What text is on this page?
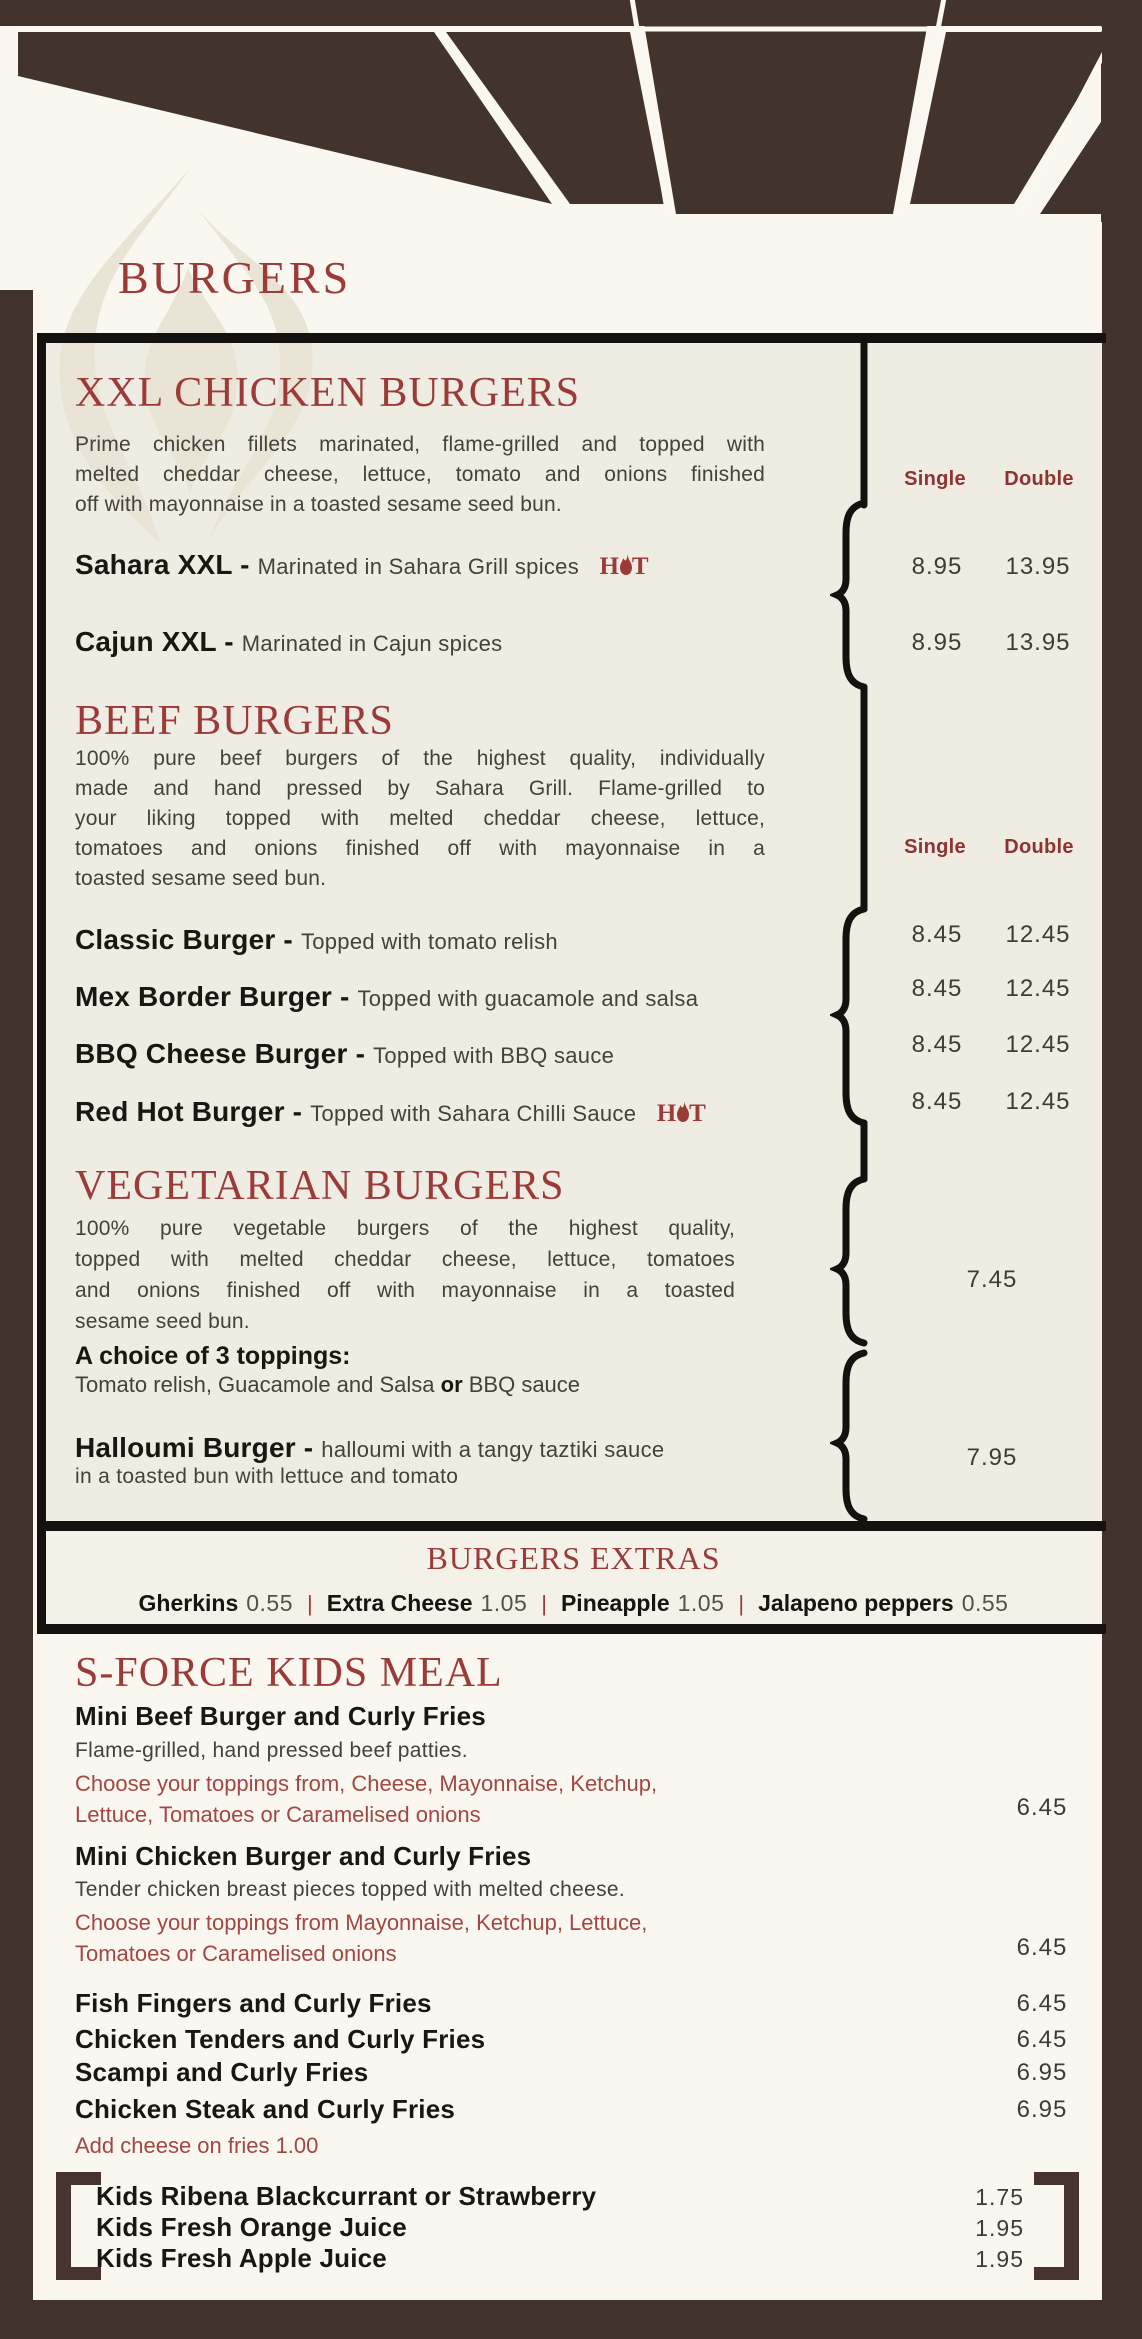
BURGERS
XXL CHICKEN BURGERS
Prime chicken fillets marinated, flame-grilled and topped with
melted cheddar cheese, lettuce, tomato and onions finished
off with mayonnaise in a toasted sesame seed bun.
Single	Double
Sahara XXL - Marinated in Sahara Grill spices H T	8.95	13.95
Cajun XXL - Marinated in Cajun spices	8.95	13.95
BEEF BURGERS
100% pure beef burgers of the highest quality, individually
made and hand pressed by Sahara Grill. Flame-grilled to
your liking topped with melted cheddar cheese, lettuce,
tomatoes and onions finished off with mayonnaise in a
toasted sesame seed bun.
Single	Double
Classic Burger - Topped with tomato relish	8.45	12.45
Mex Border Burger - Topped with guacamole and salsa	8.45	12.45
BBQ Cheese Burger - Topped with BBQ sauce	8.45	12.45
Red Hot Burger - Topped with Sahara Chilli Sauce H T	8.45	12.45
VEGETARIAN BURGERS
100% pure vegetable burgers of the highest quality,
topped with melted cheddar cheese, lettuce, tomatoes
and onions finished off with mayonnaise in a toasted
sesame seed bun.
7.45
A choice of 3 toppings:
Tomato relish, Guacamole and Salsa or BBQ sauce
Halloumi Burger - halloumi with a tangy taztiki sauce
in a toasted bun with lettuce and tomato
7.95
BURGERS EXTRAS
Gherkins 0.55 | Extra Cheese 1.05 | Pineapple 1.05 | Jalapeno peppers 0.55
S-FORCE KIDS MEAL
Mini Beef Burger and Curly Fries
Flame-grilled, hand pressed beef patties.
Choose your toppings from, Cheese, Mayonnaise, Ketchup,
Lettuce, Tomatoes or Caramelised onions	6.45
Mini Chicken Burger and Curly Fries
Tender chicken breast pieces topped with melted cheese.
Choose your toppings from Mayonnaise, Ketchup, Lettuce,
Tomatoes or Caramelised onions	6.45
Fish Fingers and Curly Fries	6.45
Chicken Tenders and Curly Fries	6.45
Scampi and Curly Fries	6.95
Chicken Steak and Curly Fries	6.95
Add cheese on fries 1.00
Kids Ribena Blackcurrant or Strawberry	1.75
Kids Fresh Orange Juice	1.95
Kids Fresh Apple Juice	1.95
